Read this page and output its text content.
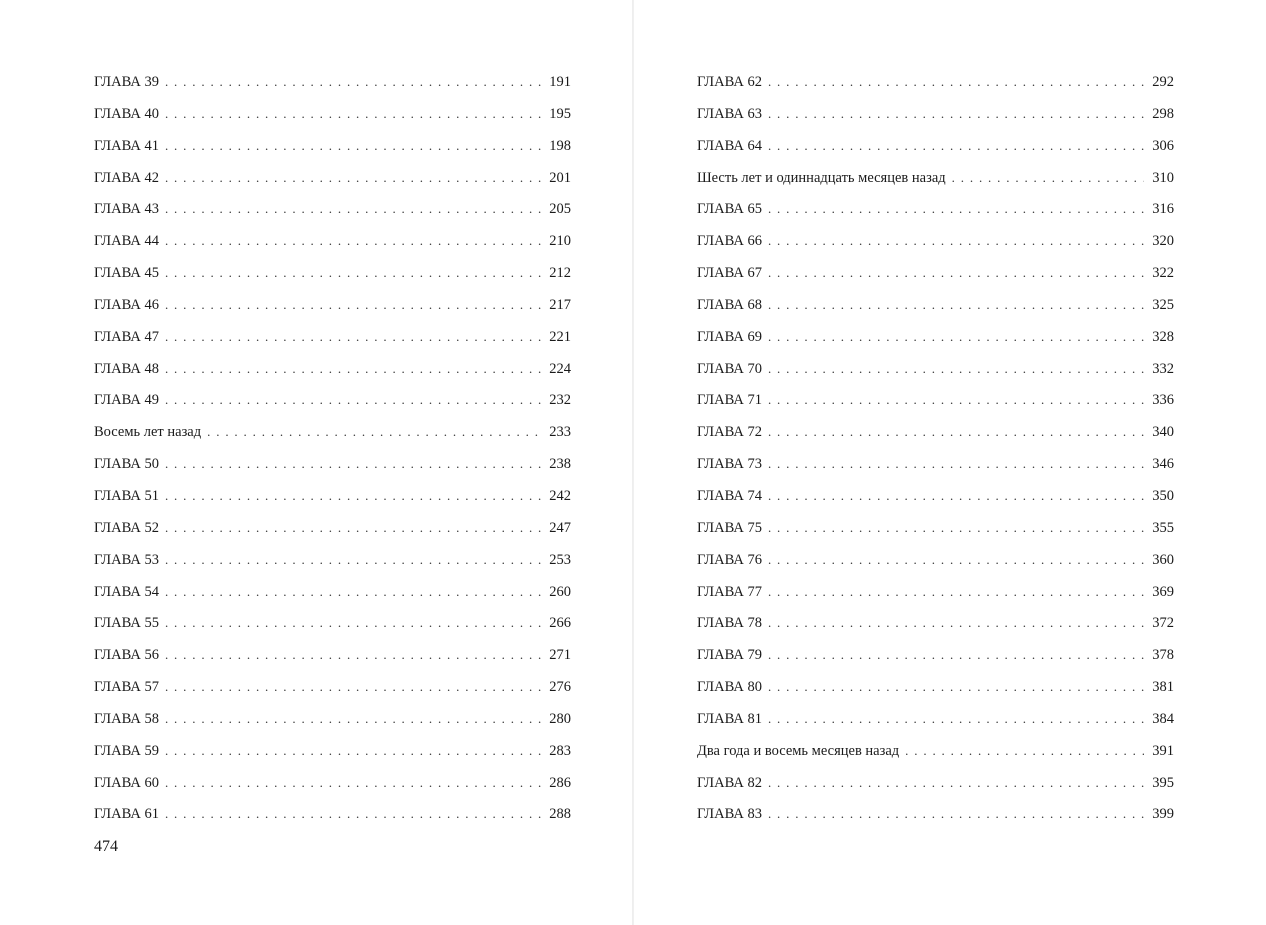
ГЛАВА 39 . . .	191
ГЛАВА 40 . . .	195
ГЛАВА 41 . . .	198
ГЛАВА 42 . . .	201
ГЛАВА 43 . . .	205
ГЛАВА 44 . . .	210
ГЛАВА 45 . . .	212
ГЛАВА 46 . . .	217
ГЛАВА 47 . . .	221
ГЛАВА 48 . . .	224
ГЛАВА 49 . . .	232
Восемь лет назад . . .	233
ГЛАВА 50 . . .	238
ГЛАВА 51 . . .	242
ГЛАВА 52 . . .	247
ГЛАВА 53 . . .	253
ГЛАВА 54 . . .	260
ГЛАВА 55 . . .	266
ГЛАВА 56 . . .	271
ГЛАВА 57 . . .	276
ГЛАВА 58 . . .	280
ГЛАВА 59 . . .	283
ГЛАВА 60 . . .	286
ГЛАВА 61 . . .	288
474
ГЛАВА 62 . . .	292
ГЛАВА 63 . . .	298
ГЛАВА 64 . . .	306
Шесть лет и одиннадцать месяцев назад . . .	310
ГЛАВА 65 . . .	316
ГЛАВА 66 . . .	320
ГЛАВА 67 . . .	322
ГЛАВА 68 . . .	325
ГЛАВА 69 . . .	328
ГЛАВА 70 . . .	332
ГЛАВА 71 . . .	336
ГЛАВА 72 . . .	340
ГЛАВА 73 . . .	346
ГЛАВА 74 . . .	350
ГЛАВА 75 . . .	355
ГЛАВА 76 . . .	360
ГЛАВА 77 . . .	369
ГЛАВА 78 . . .	372
ГЛАВА 79 . . .	378
ГЛАВА 80 . . .	381
ГЛАВА 81 . . .	384
Два года и восемь месяцев назад . . .	391
ГЛАВА 82 . . .	395
ГЛАВА 83 . . .	399
